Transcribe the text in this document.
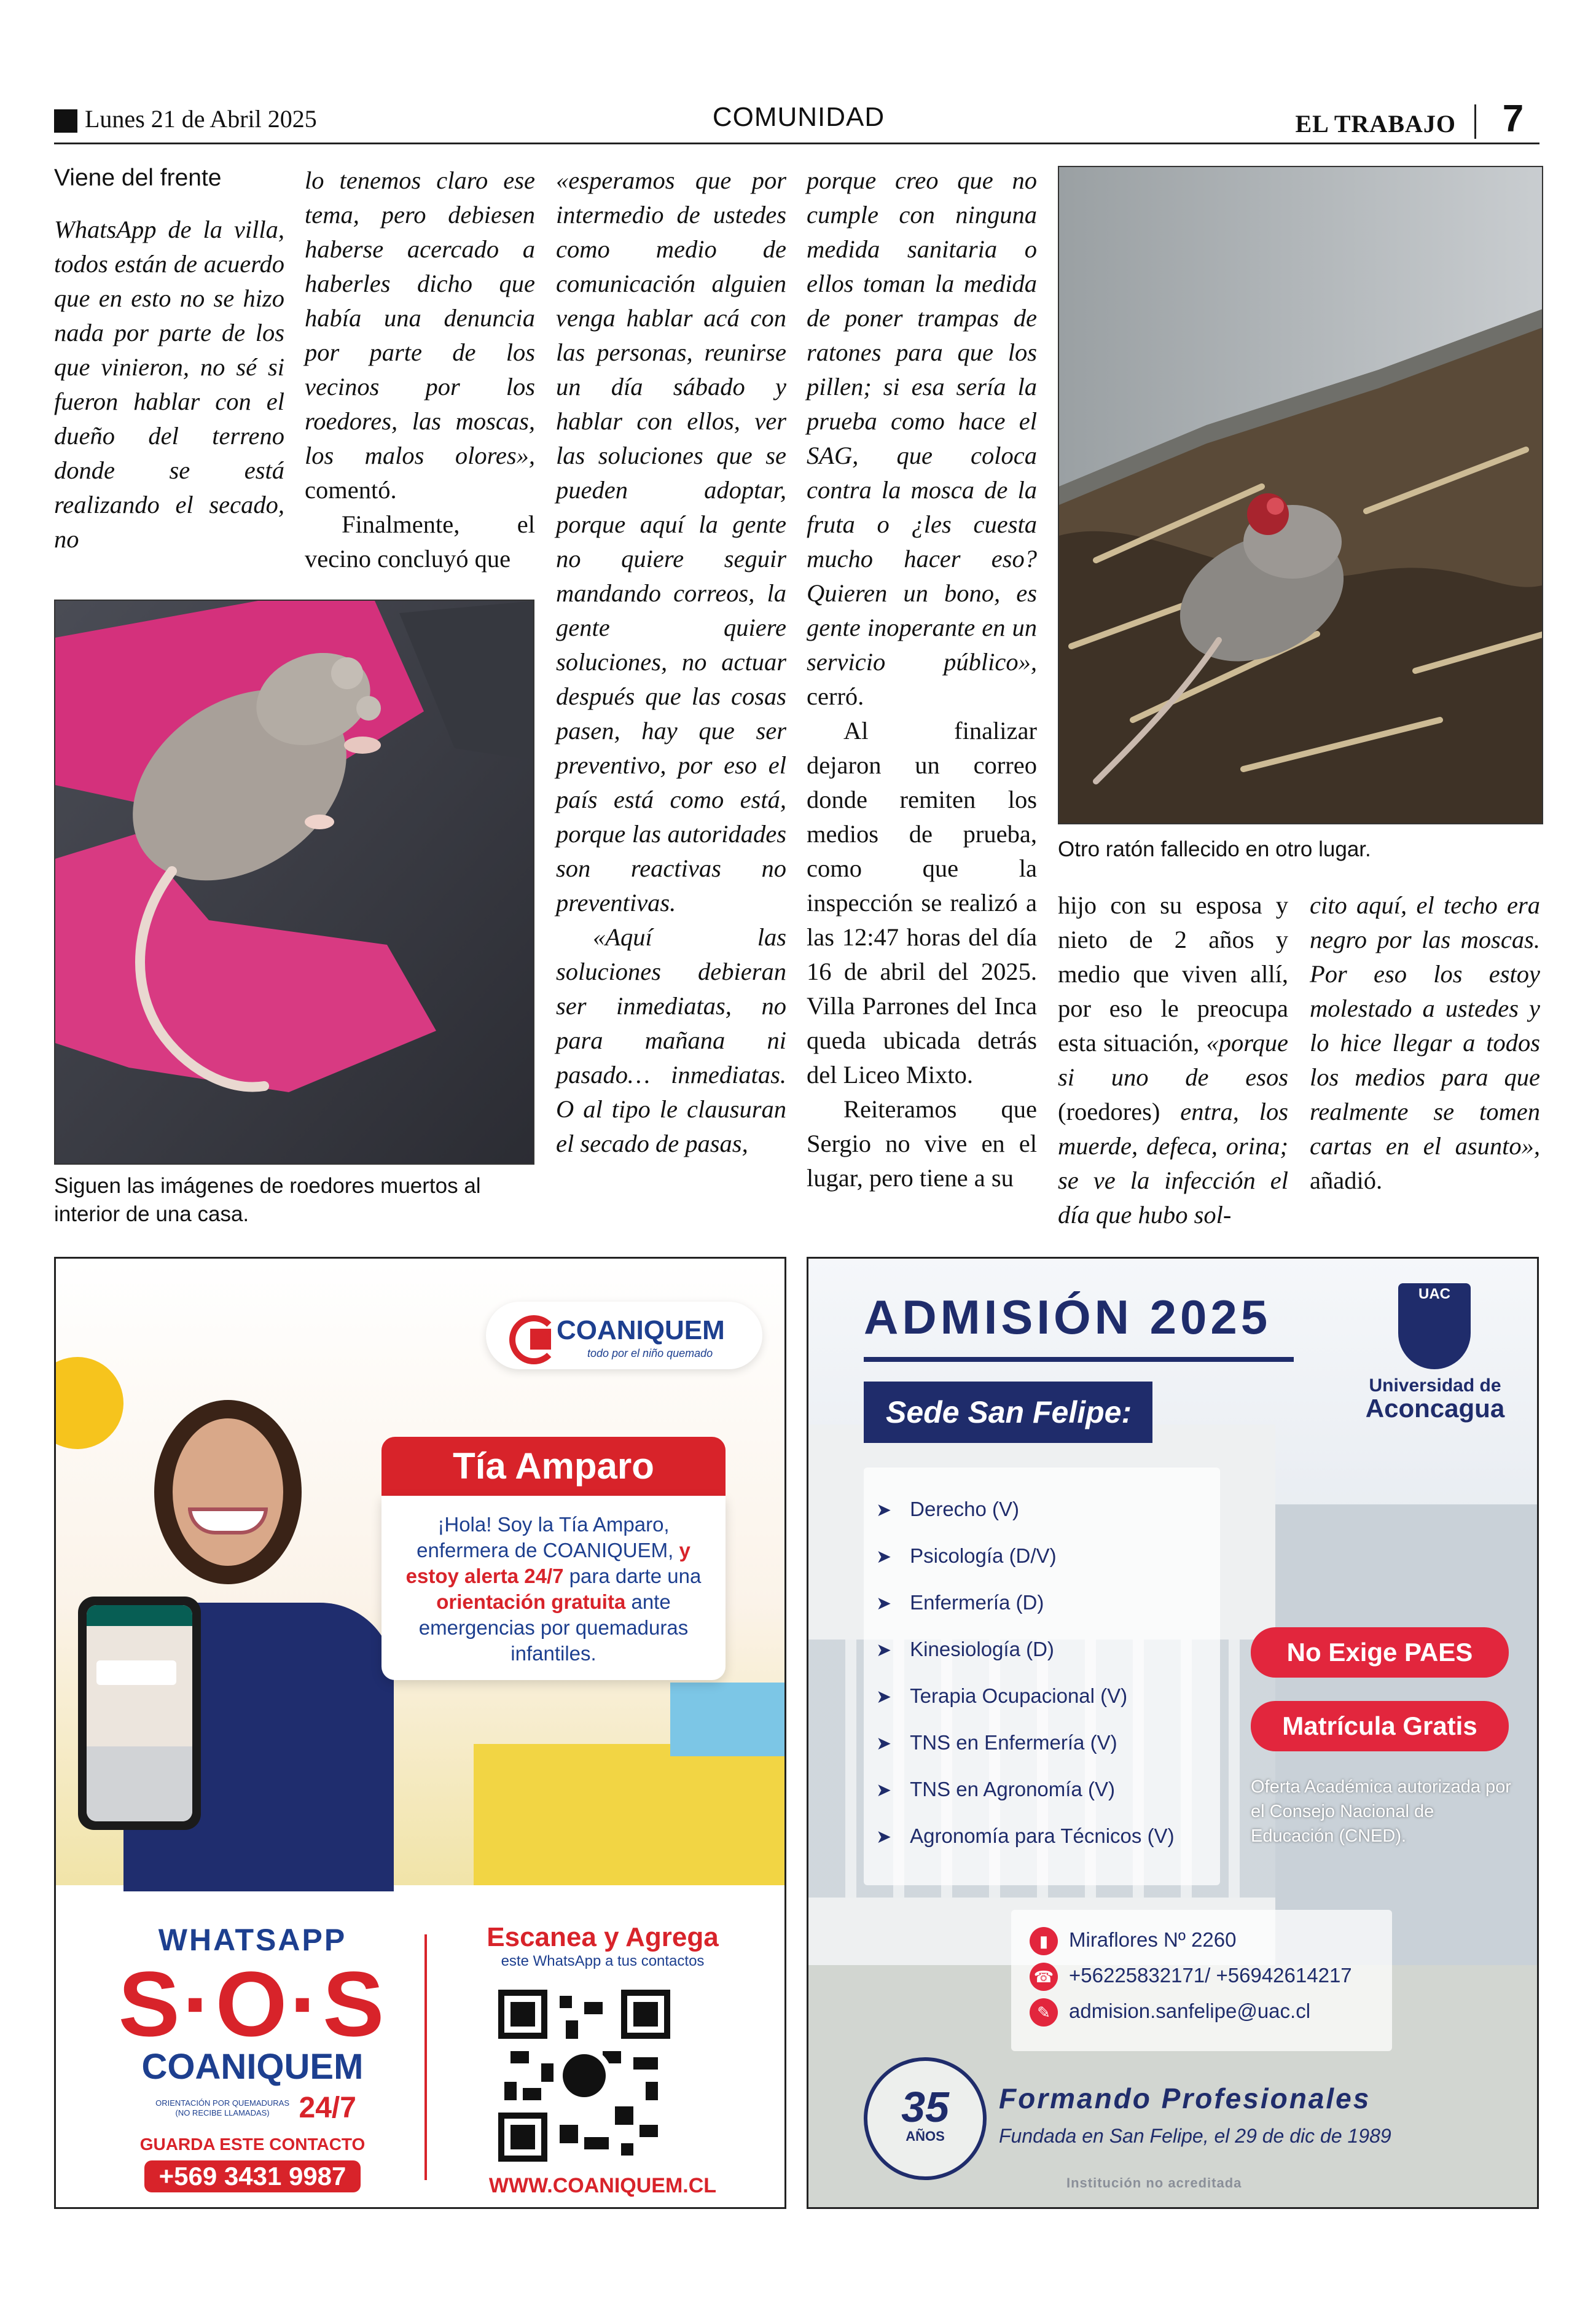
Lunes 21 de Abril 2025	COMUNIDAD	EL TRABAJO	7

Viene del frente

WhatsApp de la villa, todos están de acuerdo que en esto no se hizo nada por parte de los que vinieron, no sé si fueron hablar con el dueño del terreno donde se está realizando el secado, no

lo tenemos claro ese tema, pero debiesen haberse acercado a haberles dicho que había una denuncia por parte de los vecinos por los roedores, las moscas, los malos olores», comentó.

Finalmente, el vecino concluyó que

Siguen las imágenes de roedores muertos al interior de una casa.

«esperamos que por intermedio de ustedes como medio de comunicación alguien venga hablar acá con las personas, reunirse un día sábado y hablar con ellos, ver las soluciones que se pueden adoptar, porque aquí la gente no quiere seguir mandando correos, la gente quiere soluciones, no actuar después que las cosas pasen, hay que ser preventivo, por eso el país está como está, porque las autoridades son reactivas no preventivas.

«Aquí las soluciones debieran ser inmediatas, no para mañana ni pasado… inmediatas. O al tipo le clausuran el secado de pasas,

porque creo que no cumple con ninguna medida sanitaria o ellos toman la medida de poner trampas de ratones para que los pillen; si esa sería la prueba como hace el SAG, que coloca contra la mosca de la fruta o ¿les cuesta mucho hacer eso? Quieren un bono, es gente inoperante en un servicio público», cerró.

Al finalizar dejaron un correo donde remiten los medios de prueba, como que la inspección se realizó a las 12:47 horas del día 16 de abril del 2025. Villa Parrones del Inca queda ubicada detrás del Liceo Mixto.

Reiteramos que Sergio no vive en el lugar, pero tiene a su

Otro ratón fallecido en otro lugar.

hijo con su esposa y nieto de 2 años y medio que viven allí, por eso le preocupa esta situación, «porque si uno de esos (roedores) entra, los muerde, defeca, orina; se ve la infección el día que hubo sol-

cito aquí, el techo era negro por las moscas. Por eso los estoy molestado a ustedes y lo hice llegar a todos los medios para que realmente se tomen cartas en el asunto», añadió.

COANIQUEM
todo por el niño quemado
Tía Amparo
¡Hola! Soy la Tía Amparo, enfermera de COANIQUEM, y estoy alerta 24/7 para darte una orientación gratuita ante emergencias por quemaduras infantiles.
WHATSAPP
S·O·S
COANIQUEM
ORIENTACIÓN POR QUEMADURAS (NO RECIBE LLAMADAS) 24/7
GUARDA ESTE CONTACTO
+569 3431 9987
Escanea y Agrega
este WhatsApp a tus contactos
WWW.COANIQUEM.CL
ADMISIÓN 2025
Sede San Felipe:
UAC
Universidad de
Aconcagua
➤ Derecho (V)
➤ Psicología (D/V)
➤ Enfermería (D)
➤ Kinesiología (D)
➤ Terapia Ocupacional (V)
➤ TNS en Enfermería (V)
➤ TNS en Agronomía (V)
➤ Agronomía para Técnicos (V)
No Exige PAES
Matrícula Gratis
Oferta Académica autorizada por el Consejo Nacional de Educación (CNED).
▮ Miraflores Nº 2260
☎ +56225832171/ +56942614217
✎ admision.sanfelipe@uac.cl
35
AÑOS
Formando Profesionales
Fundada en San Felipe, el 29 de dic de 1989
Institución no acreditada
